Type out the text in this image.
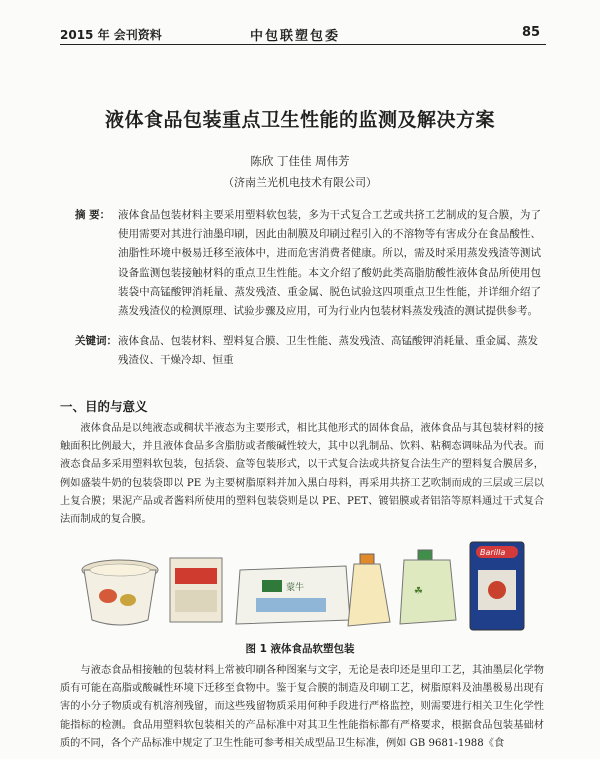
2015 年 会刊资料	中包联塑包委	85
液体食品包装重点卫生性能的监测及解决方案
陈欣 丁佳佳 周伟芳
（济南兰光机电技术有限公司）
摘 要： 液体食品包装材料主要采用塑料软包装，多为干式复合工艺或共挤工艺制成的复合膜，为了使用需要对其进行油墨印刷，因此由制膜及印刷过程引入的不溶物等有害成分在食品酸性、油脂性环境中极易迁移至液体中，进而危害消费者健康。所以，需及时采用蒸发残渣等测试设备监测包装接触材料的重点卫生性能。本文介绍了酸奶此类高脂肪酸性液体食品所使用包装袋中高锰酸钾消耗量、蒸发残渣、重金属、脱色试验这四项重点卫生性能，并详细介绍了蒸发残渣仪的检测原理、试验步骤及应用，可为行业内包装材料蒸发残渣的测试提供参考。
关键词： 液体食品、包装材料、塑料复合膜、卫生性能、蒸发残渣、高锰酸钾消耗量、重金属、蒸发残渣仪、干燥冷却、恒重
一、目的与意义
液体食品是以纯液态或稠状半液态为主要形式，相比其他形式的固体食品，液体食品与其包装材料的接触面积比例最大，并且液体食品多含脂肪或者酸碱性较大，其中以乳制品、饮料、粘稠态调味品为代表。而液态食品多采用塑料软包装，包括袋、盒等包装形式，以干式复合法或共挤复合法生产的塑料复合膜居多，例如盛装牛奶的包装袋即以 PE 为主要树脂原料并加入黑白母料，再采用共挤工艺吹制而成的三层或三层以上复合膜；果泥产品或者酱料所使用的塑料包装袋则是以 PE、PET、镀铝膜或者铝箔等原料通过干式复合法而制成的复合膜。
蒙牛	☘
Barilla
图 1 液体食品软塑包装
与液态食品相接触的包装材料上常被印刷各种图案与文字，无论是表印还是里印工艺，其油墨层化学物质有可能在高脂或酸碱性环境下迁移至食物中。鉴于复合膜的制造及印刷工艺，树脂原料及油墨极易出现有害的小分子物质或有机溶剂残留，而这些残留物质采用何种手段进行严格监控，则需要进行相关卫生化学性能指标的检测。食品用塑料软包装相关的产品标准中对其卫生性能指标都有严格要求，根据食品包装基础材质的不同，各个产品标准中规定了卫生性能可参考相关成型品卫生标准，例如 GB 9681-1988《食
